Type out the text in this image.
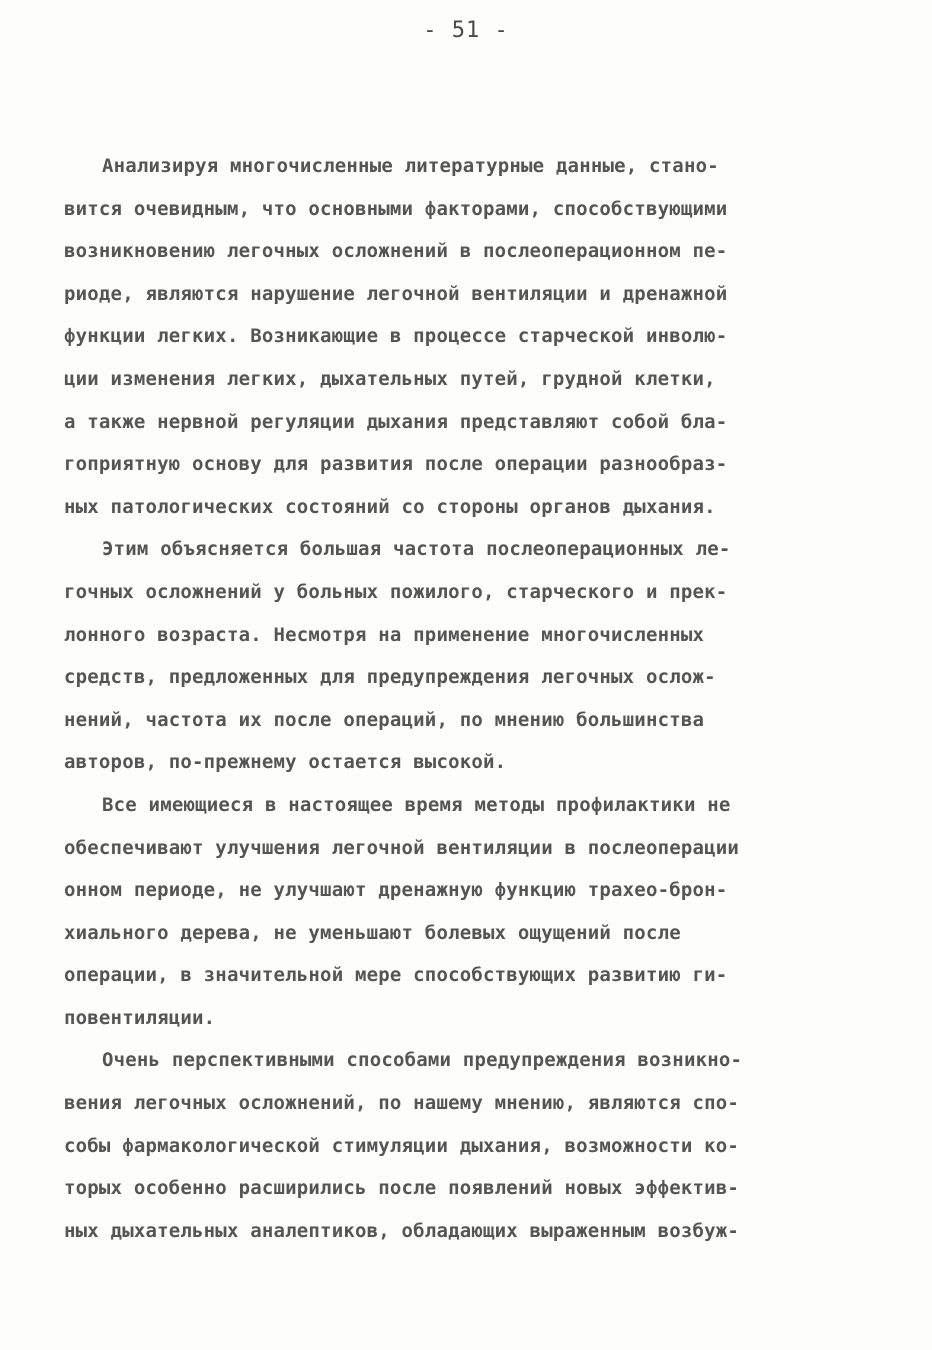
- 51 -
Анализируя многочисленные литературные данные, стано-
вится очевидным, что основными факторами, способствующими
возникновению легочных осложнений в послеоперационном пе-
риоде, являются нарушение легочной вентиляции и дренажной
функции легких. Возникающие в процессе старческой инволю-
ции изменения легких, дыхательных путей, грудной клетки,
а также нервной регуляции дыхания представляют собой бла-
гоприятную основу для развития после операции разнообраз-
ных патологических состояний со стороны органов дыхания.
Этим объясняется большая частота послеоперационных ле-
гочных осложнений у больных пожилого, старческого и прек-
лонного возраста. Несмотря на применение многочисленных
средств, предложенных для предупреждения легочных ослож-
нений, частота их после операций, по мнению большинства
авторов, по-прежнему остается высокой.
Все имеющиеся в настоящее время методы профилактики не
обеспечивают улучшения легочной вентиляции в послеоперации
онном периоде, не улучшают дренажную функцию трахео-брон-
хиального дерева, не уменьшают болевых ощущений после
операции, в значительной мере способствующих развитию ги-
повентиляции.
Очень перспективными способами предупреждения возникно-
вения легочных осложнений, по нашему мнению, являются спо-
собы фармакологической стимуляции дыхания, возможности ко-
торых особенно расширились после появлений новых эффектив-
ных дыхательных аналептиков, обладающих выраженным возбуж-
